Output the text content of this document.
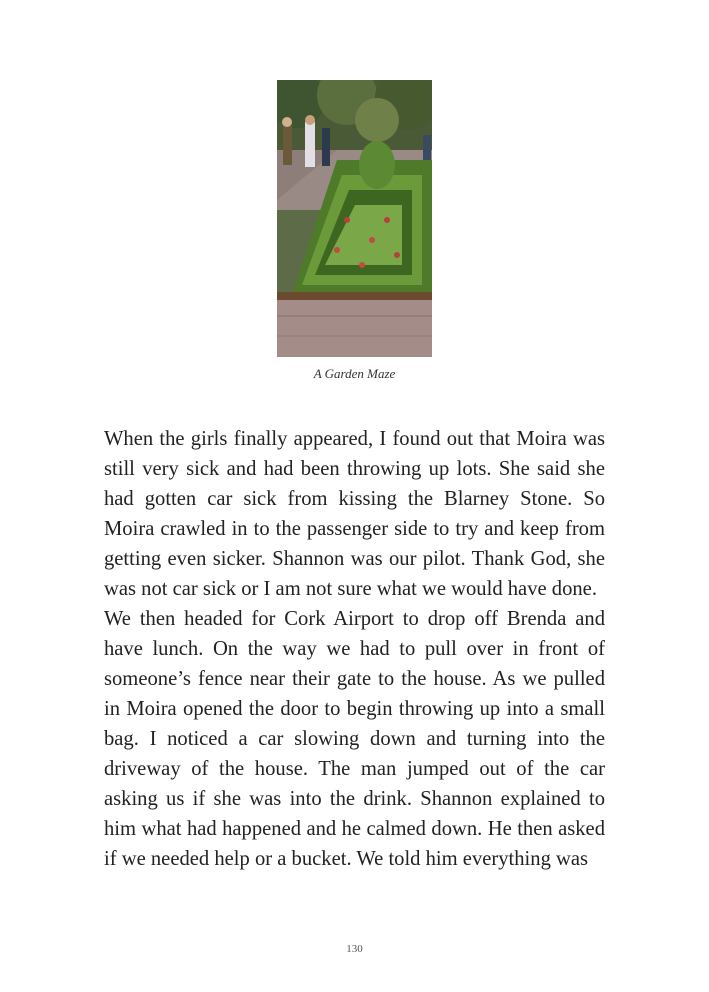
A Garden Maze

When the girls finally appeared, I found out that Moira was still very sick and had been throwing up lots. She said she had gotten car sick from kissing the Blarney Stone. So Moira crawled in to the passenger side to try and keep from getting even sicker. Shannon was our pilot. Thank God, she was not car sick or I am not sure what we would have done.

We then headed for Cork Airport to drop off Brenda and have lunch. On the way we had to pull over in front of someone’s fence near their gate to the house. As we pulled in Moira opened the door to begin throwing up into a small bag. I noticed a car slowing down and turning into the driveway of the house. The man jumped out of the car asking us if she was into the drink. Shannon explained to him what had happened and he calmed down. He then asked if we needed help or a bucket. We told him everything was

130
